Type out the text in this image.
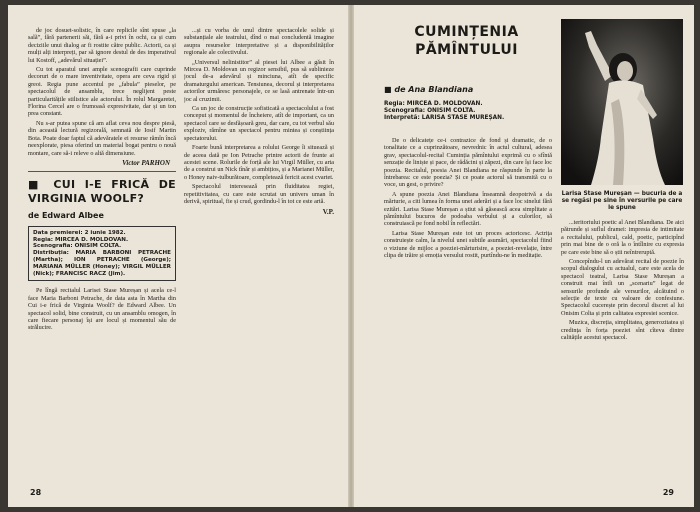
de joc dosuet-solistic, în care replicile sînt spuse „la sală”, fără partenerii săi, fără a-i privi în ochi, ca și cum deciziile unui dialog ar fi rostite către public. Actorii, ca și mulți alți interpreți, par să ignore destul de des imperativul lui Kostoff, „adevărul situației”.

Cu tot aparatul unei ample scenografii care cuprinde decoruri de o mare inventivitate, opera are ceva rigid și greoi. Regia pune accentul pe „fabula” pieselor, pe spectacolul de ansamblu, trece neglijent peste particularitățile stilistice ale actorului. În rolul Margaretei, Florina Cercel are o frumoasă expresivitate, dar și un ton prea constant.

Nu s-ar putea spune că am aflat ceva nou despre piesă, din această lectură regizorală, semnată de Iosif Martin Bota. Poate doar faptul că adevăratele ei resurse rămîn încă neexplorate, piesa oferind un material bogat pentru o nouă montare, care să-i releve o altă dimensiune.

Victor PARHON
■ CUI I-E FRICĂ DE VIRGINIA WOOLF?
de Edward Albee
Data premierei: 2 iunie 1982.
Regia: MIRCEA D. MOLDOVAN.
Scenografia: ONISIM COLTA.
Distribuția: MARIA BARBONI PETRACHE (Martha); ION PETRACHE (George); MARIANA MÜLLER (Honey); VIRGIL MÜLLER (Nick); FRANCISC RACZ (Jim).

Pe lîngă recitalul Larisei Stase Mureșan și acela ce-l face Maria Barboni Petrache, de data asta în Martha din Cui i-e frică de Virginia Woolf? de Edward Albee. Un spectacol solid, bine construit, cu un ansamblu omogen, în care fiecare personaj își are locul și momentul său de strălucire.

...și cu vorba de unul dintre spectacolele solide și substanțiale ale teatrului, dînd o mai concludentă imagine asupra resurselor interpretative și a disponibilităților regionale ale colectivului.

„Universul nelinistitor” al piesei lui Albee a găsit în Mircea D. Moldovan un regizor sensibil, pus să sublinieze jocul de-a adevărul și minciuna, atît de specific dramaturgului american. Tensiunea, decorul și interpretarea actorilor urmăresc personajele, ce se lasă antrenate într-un joc al cruzimii.

Ca un joc de construcție sofisticată a spectacolului a fost conceput și momentul de încheiere, atît de important, ca un spectacol care se desfășoară greu, dar care, cu tot verbul său exploziv, rămîne un spectacol pentru mintea și conștiința spectatorului.

Foarte bună interpretarea a rolului George îi situează și de aceea dată pe Ion Petrache printre actorii de frunte ai acestei scene. Rolurile de forță ale lui Virgil Müller, cu arta de a construi un Nick tînăr și ambițios, și a Marianei Müller, o Honey naiv-tulburătoare, completează fericit acest cvartet.

Spectacolul interesează prin fluiditatea regiei, repetitivitatea, cu care este scrutat un univers uman în derivă, spiritual, fie și crud, gordindu-l în tot ce este artă.

V.P.
28
CUMINȚENIA PĂMÎNTULUI
■ de Ana Blandiana
Regia: MIRCEA D. MOLDOVAN.
Scenografia: ONISIM COLTA.
Interpretă: LARISA STASE MUREȘAN.
Larisa Stase Mureșan — bucuria de a se regăsi pe sine în versurile pe care le spune

De o delicatețe ce-i contrazice de fond și dramatic, de o tonalitate ce a cuprinzătoare, nevrednic în actul cultural, adesea grav, spectacolul-recital Cuminția pămîntului exprimă cu o sfîntă senzație de liniște și pace, de rădăcini și zăpezi, din care își face loc poezia. Recitalul, poesia Anei Blandiana ne răspunde în parte la întrebarea: ce este poezia? Și ce poate actorul să transmită cu o voce, un gest, o privire?

A spune poezia Anei Blandiana înseamnă deopotrivă a da mărturie, a citi lumea în forma unei aderări și a face loc sinelui fără ezitări. Larisa Stase Mureșan a știut să găsească acea simplitate a pămîntului bucuros de podoaba verbului și a culorilor, să construiască pe fond nobil în reflectări.

Larisa Stase Mureșan este tot un proces actoricesc. Actrița construiește calm, la nivelul unei subtile asumări, spectacolul fiind o viziune de mijloc a poeziei-mărturisire, a poeziei-revelație, între clipa de trăire și emoția versului rostit, purtîndu-ne în meditație.

...teritoriului poetic al Anei Blandiana. De aici pătrunde și suflul dramei: impresia de intimitate a recitalului, publicul, cald, poetic, participînd prin mai bine de o oră la o întîlnire cu expresia pe care este bine să o știi neîntreruptă.

Concepîndu-l un adevărat recital de poezie în scopul dialogului cu actualul, care este acela de spectacol teatral, Larisa Stase Mureșan a construit mai întîi un „scenariu” legat de sensurile profunde ale versurilor, alcătuind o selecție de texte cu valoare de confesiune. Spectacolul cucerește prin decorul discret al lui Onisim Colta și prin calitatea expresiei scenice.

Muzica, discreția, simplitatea, generozitatea și credința în forța poeziei sînt cîteva dintre calitățile acestui spectacol.

29
